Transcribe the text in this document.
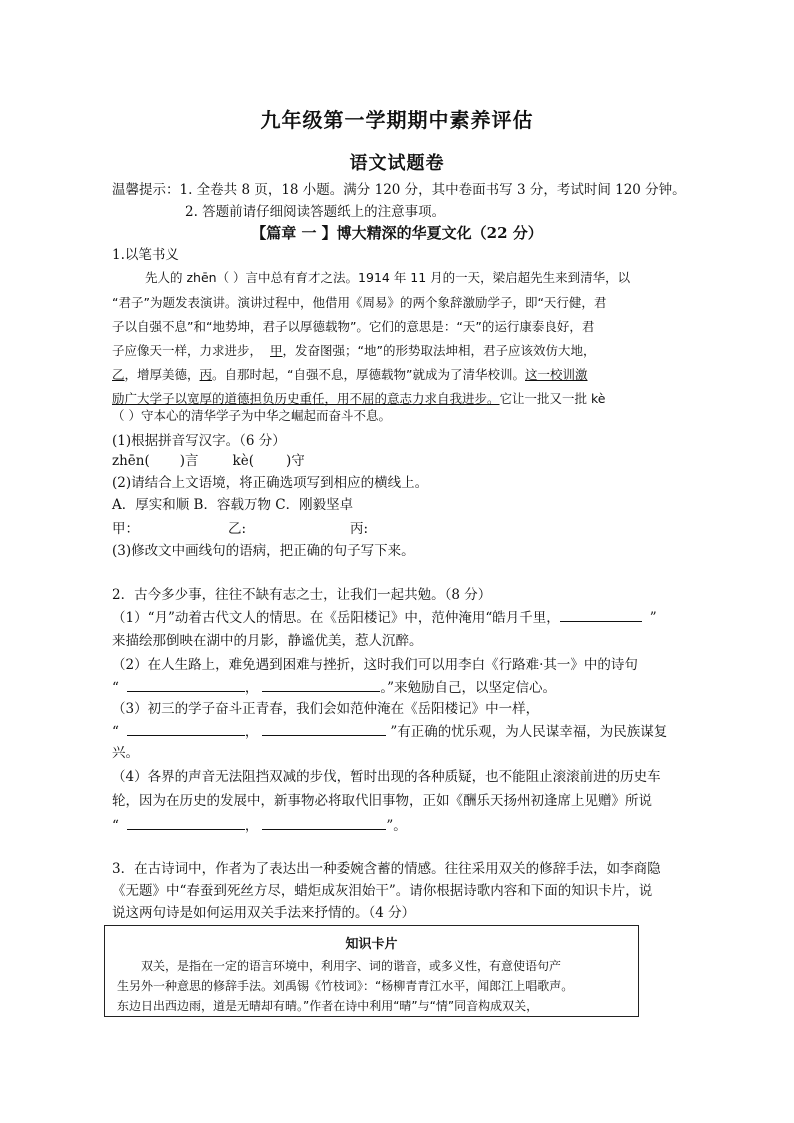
九年级第一学期期中素养评估
语文试题卷
温馨提示：1. 全卷共 8 页，18 小题。满分 120 分，其中卷面书写 3 分，考试时间 120 分钟。
2. 答题前请仔细阅读答题纸上的注意事项。
【篇章 一 】博大精深的华夏文化（22 分）
1.以笔书义
先人的 zhēn（ ）言中总有育才之法。1914 年 11 月的一天，梁启超先生来到清华，以
“君子”为题发表演讲。演讲过程中，他借用《周易》的两个象辞激励学子，即“天行健，君
子以自强不息”和“地势坤，君子以厚德载物”。它们的意思是：“天”的运行康泰良好，君
子应像天一样，力求进步， 甲，发奋图强；“地”的形势取法坤相，君子应该效仿大地，
乙，增厚美德，丙。自那时起，“自强不息，厚德载物”就成为了清华校训。这一校训激
励广大学子以宽厚的道德担负历史重任，用不屈的意志力求自我进步。它让一批又一批 kè
（ ）守本心的清华学子为中华之崛起而奋斗不息。
(1)根据拼音写汉字。（6 分）
zhēn( )言	kè( )守
(2)请结合上文语境，将正确选项写到相应的横线上。
A．厚实和顺 B．容载万物 C．刚毅坚卓
甲：	乙:	丙:
(3)修改文中画线句的语病，把正确的句子写下来。
2．古今多少事，往往不缺有志之士，让我们一起共勉。（8 分）
（1）“月”动着古代文人的情思。在《岳阳楼记》中，范仲淹用“皓月千里，	”
来描绘那倒映在湖中的月影，静谧优美，惹人沉醉。
（2）在人生路上，难免遇到困难与挫折，这时我们可以用李白《行路难·其一》中的诗句
“	，	。”来勉励自己，以坚定信心。
（3）初三的学子奋斗正青春，我们会如范仲淹在《岳阳楼记》中一样，
“	，	”有正确的忧乐观，为人民谋幸福，为民族谋复
兴。
（4）各界的声音无法阻挡双减的步伐，暂时出现的各种质疑，也不能阻止滚滚前进的历史车
轮，因为在历史的发展中，新事物必将取代旧事物，正如《酬乐天扬州初逢席上见赠》所说
“	，	”。
3．在古诗词中，作者为了表达出一种委婉含蓄的情感。往往采用双关的修辞手法，如李商隐
《无题》中“春蚕到死丝方尽，蜡炬成灰泪始干”。请你根据诗歌内容和下面的知识卡片，说
说这两句诗是如何运用双关手法来抒情的。（4 分）
知识卡片
双关，是指在一定的语言环境中，利用字、词的谐音，或多义性，有意使语句产
生另外一种意思的修辞手法。刘禹锡《竹枝词》：“杨柳青青江水平，闻郎江上唱歌声。
东边日出西边雨，道是无晴却有晴。”作者在诗中利用“晴”与“情”同音构成双关，
